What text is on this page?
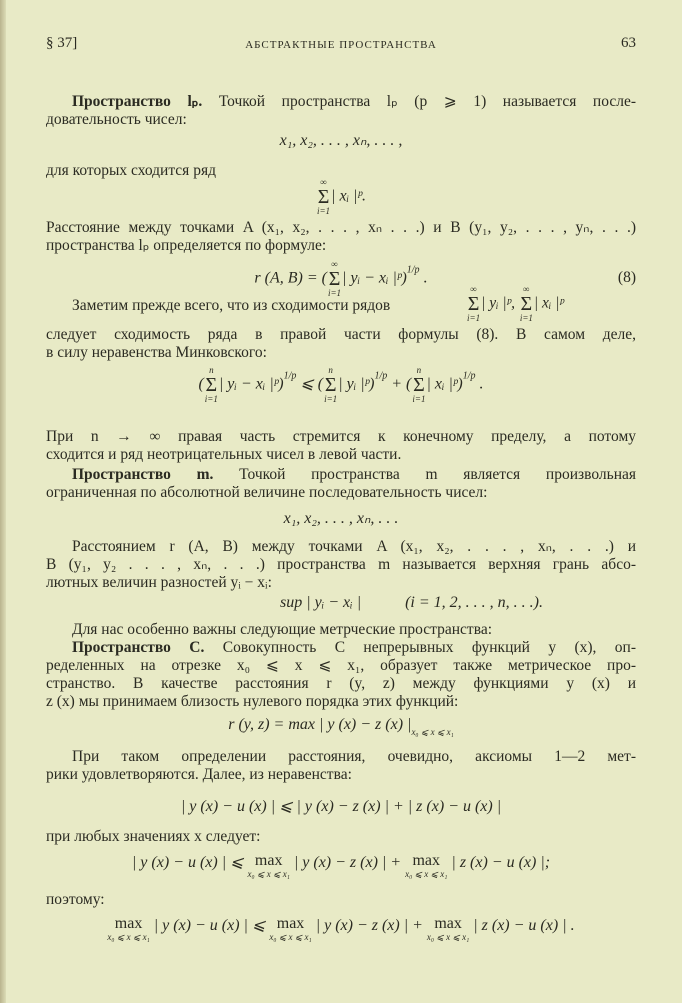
§ 37]	АБСТРАКТНЫЕ ПРОСТРАНСТВА	63
Пространство lₚ. Точкой пространства lₚ (p ⩾ 1) называется после-
довательность чисел:
x₁, x₂, . . . , xₙ, . . . ,
для которых сходится ряд
∞
Σ
i=1
| xᵢ |ᵖ.
Расстояние между точками A (x₁, x₂, . . . , xₙ . . .) и B (y₁, y₂, . . . , yₙ, . . .)
пространства lₚ определяется по формуле:
r (A, B) = (
∞
Σ
i=1
| yᵢ − xᵢ |ᵖ)$^{1/p}$ .	(8)
Заметим прежде всего, что из сходимости рядов
∞
Σ
i=1
| yᵢ |ᵖ,
∞
Σ
i=1
| xᵢ |ᵖ
следует сходимость ряда в правой части формулы (8). В самом деле,
в силу неравенства Минковского:
(
n
Σ
i=1
| yᵢ − xᵢ |ᵖ)$^{1/p}$ ⩽ (
n
Σ
i=1
| yᵢ |ᵖ)$^{1/p}$ + (
n
Σ
i=1
| xᵢ |ᵖ)$^{1/p}$ .
При n → ∞ правая часть стремится к конечному пределу, а потому
сходится и ряд неотрицательных чисел в левой части.
Пространство m. Точкой пространства m является произвольная
ограниченная по абсолютной величине последовательность чисел:
x₁, x₂, . . . , xₙ, . . .
Расстоянием r (A, B) между точками A (x₁, x₂, . . . , xₙ, . . .) и
B (y₁, y₂ . . . , xₙ, . . .) пространства m называется верхняя грань абсо-
лютных величин разностей yᵢ − xᵢ:
sup | yᵢ − xᵢ |	(i = 1, 2, . . . , n, . . .).
Для нас особенно важны следующие метрческие пространства:
Пространство C. Совокупность C непрерывных функций y (x), оп-
ределенных на отрезке x₀ ⩽ x ⩽ x₁, образует также метрическое про-
странство. В качестве расстояния r (y, z) между функциями y (x) и
z (x) мы принимаем близость нулевого порядка этих функций:
r (y, z) = max | y (x) − z (x) $|_{x_0 ⩽ x ⩽ x_1}$
При таком определении расстояния, очевидно, аксиомы 1—2 мет-
рики удовлетворяются. Далее, из неравенства:
| y (x) − u (x) | ⩽ | y (x) − z (x) | + | z (x) − u (x) |
при любых значениях x следует:
| y (x) − u (x) | ⩽ max
x₀ ⩽ x ⩽ x₁
| y (x) − z (x) | + max
x₀ ⩽ x ⩽ x₁
| z (x) − u (x) |;
поэтому:
max
x₀ ⩽ x ⩽ x₁
| y (x) − u (x) | ⩽ max
x₀ ⩽ x ⩽ x₁
| y (x) − z (x) | + max
x₀ ⩽ x ⩽ x₁
| z (x) − u (x) | .
